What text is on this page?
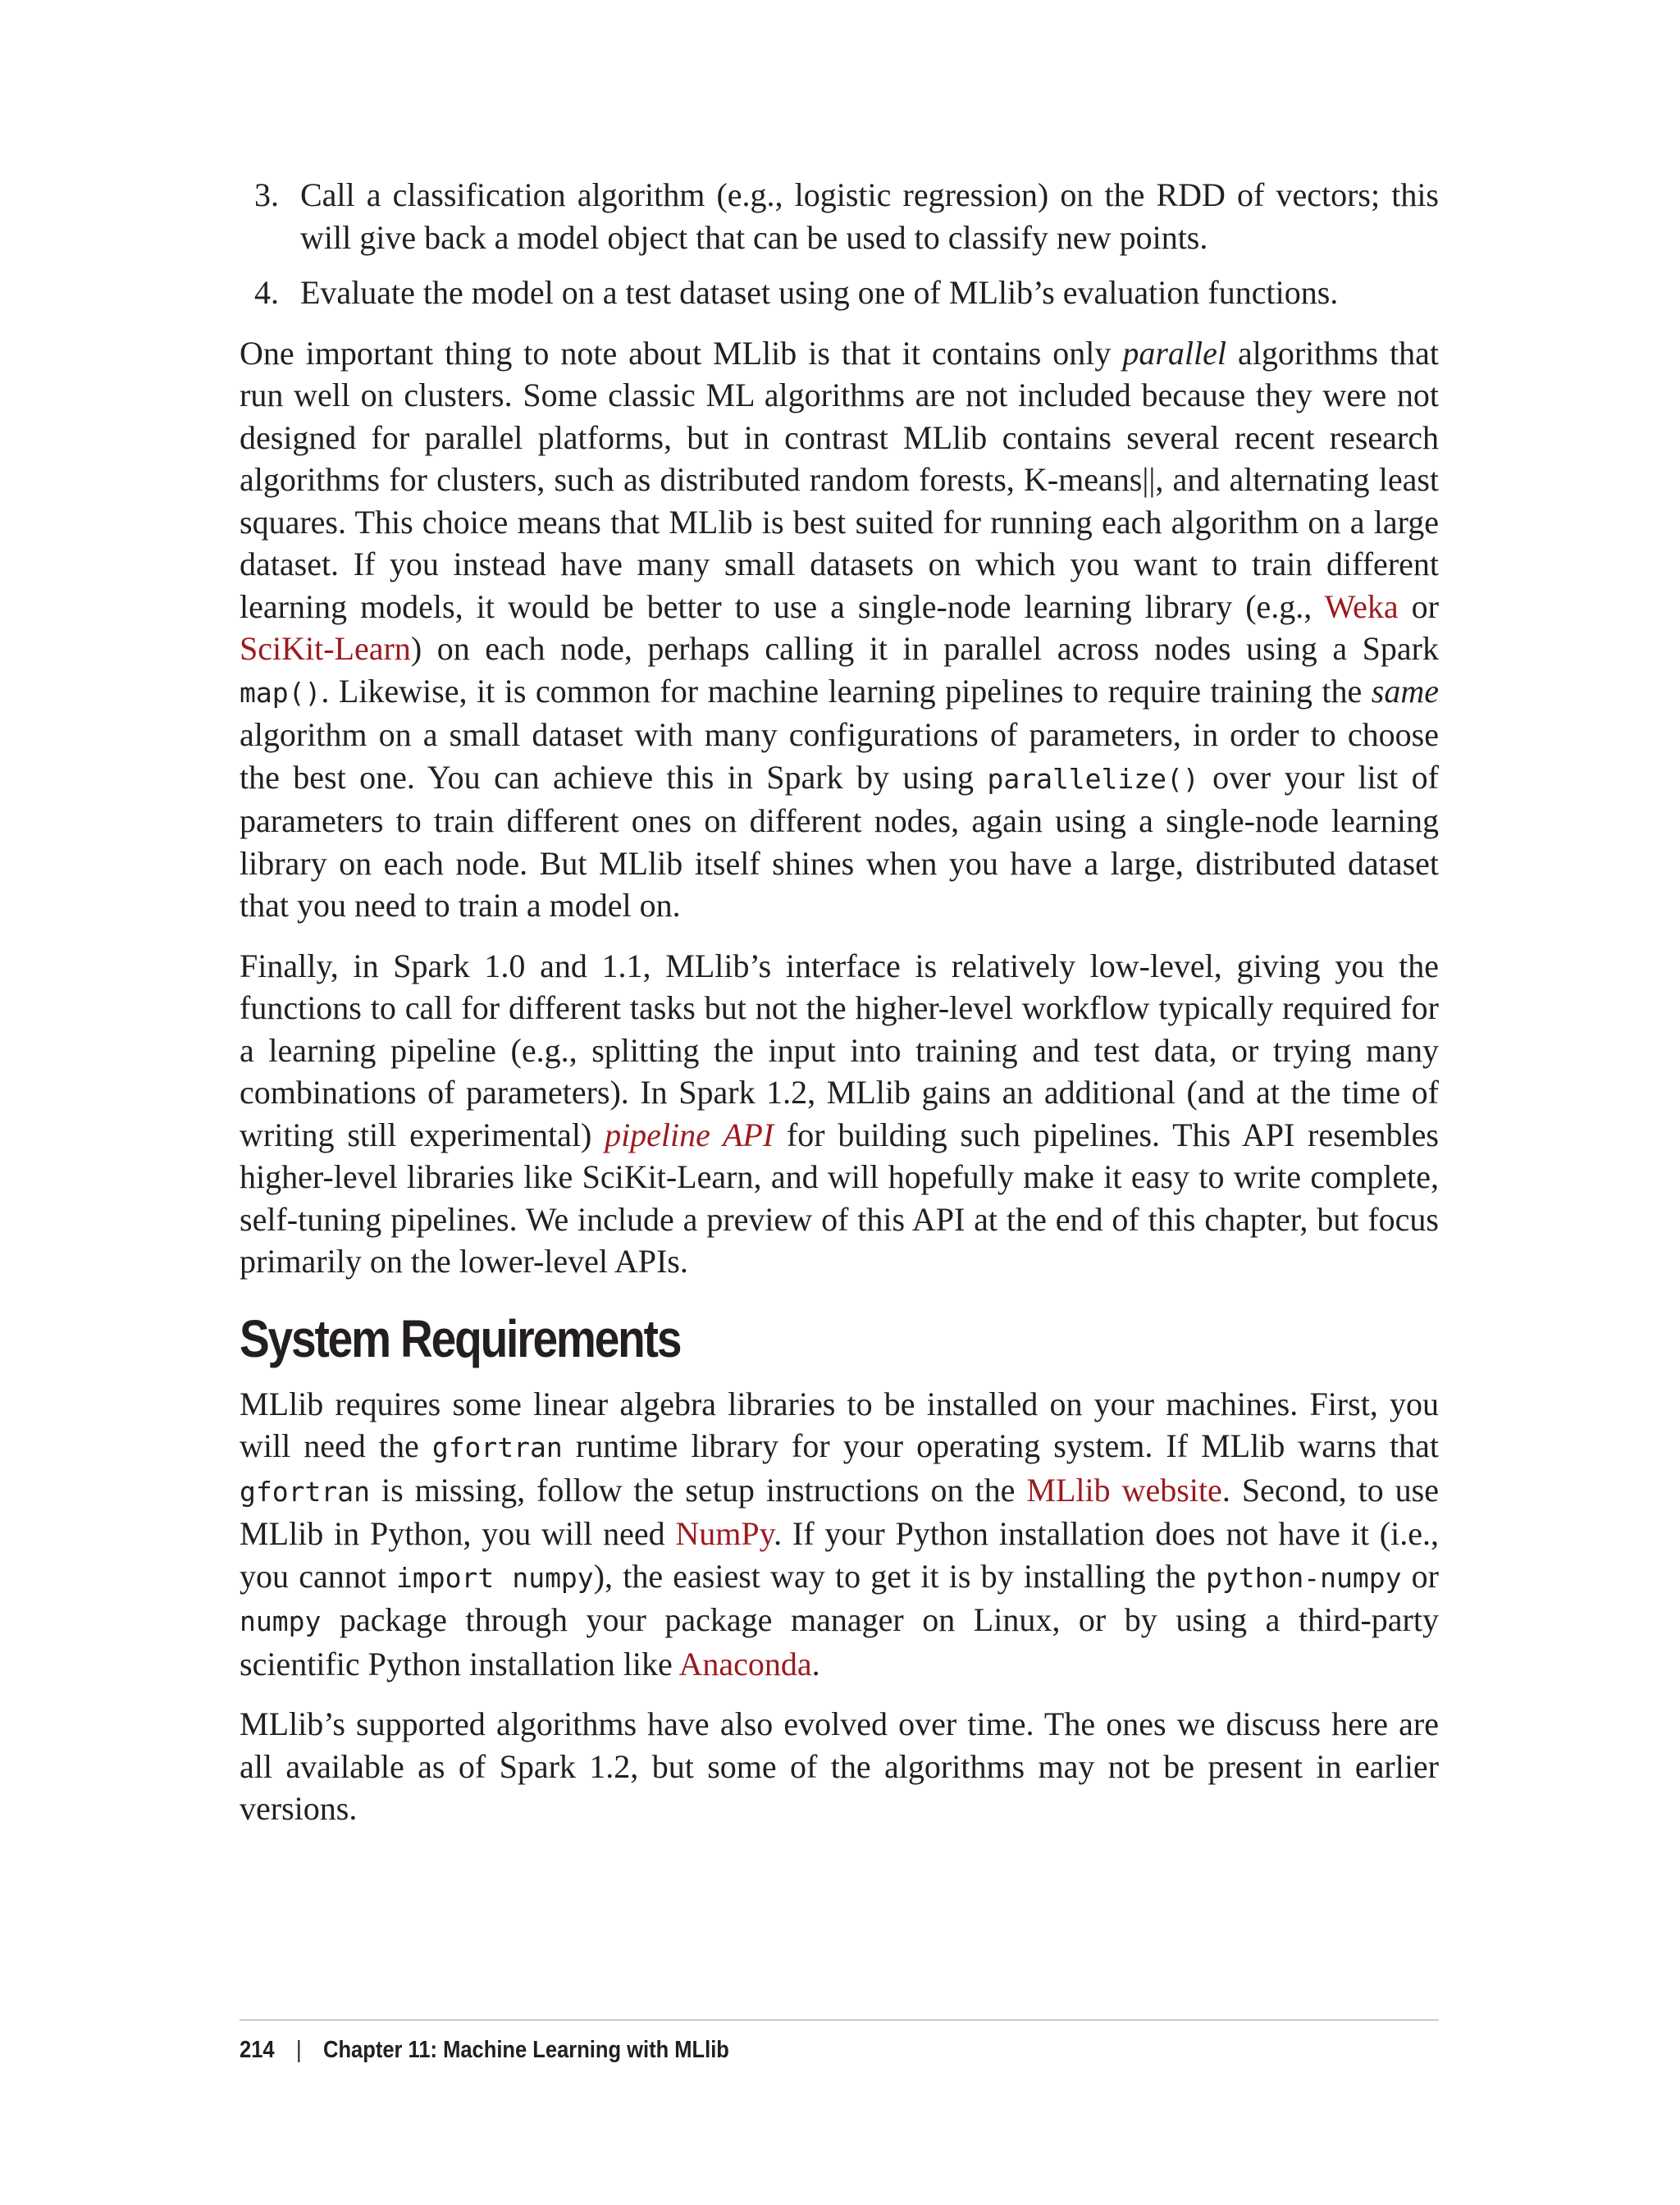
3. Call a classification algorithm (e.g., logistic regression) on the RDD of vectors; this will give back a model object that can be used to classify new points.
4. Evaluate the model on a test dataset using one of MLlib’s evaluation functions.

One important thing to note about MLlib is that it contains only parallel algorithms that run well on clusters. Some classic ML algorithms are not included because they were not designed for parallel platforms, but in contrast MLlib contains several recent research algorithms for clusters, such as distributed random forests, K-means||, and alternating least squares. This choice means that MLlib is best suited for running each algorithm on a large dataset. If you instead have many small datasets on which you want to train different learning models, it would be better to use a single-node learning library (e.g., Weka or SciKit-Learn) on each node, perhaps calling it in parallel across nodes using a Spark map(). Likewise, it is common for machine learning pipelines to require training the same algorithm on a small dataset with many configurations of parameters, in order to choose the best one. You can achieve this in Spark by using parallelize() over your list of parameters to train different ones on different nodes, again using a single-node learning library on each node. But MLlib itself shines when you have a large, distributed dataset that you need to train a model on.

Finally, in Spark 1.0 and 1.1, MLlib’s interface is relatively low-level, giving you the functions to call for different tasks but not the higher-level workflow typically required for a learning pipeline (e.g., splitting the input into training and test data, or trying many combinations of parameters). In Spark 1.2, MLlib gains an additional (and at the time of writing still experimental) pipeline API for building such pipelines. This API resembles higher-level libraries like SciKit-Learn, and will hopefully make it easy to write complete, self-tuning pipelines. We include a preview of this API at the end of this chapter, but focus primarily on the lower-level APIs.

System Requirements

MLlib requires some linear algebra libraries to be installed on your machines. First, you will need the gfortran runtime library for your operating system. If MLlib warns that gfortran is missing, follow the setup instructions on the MLlib website. Second, to use MLlib in Python, you will need NumPy. If your Python installation does not have it (i.e., you cannot import numpy), the easiest way to get it is by installing the python-numpy or numpy package through your package manager on Linux, or by using a third-party scientific Python installation like Anaconda.

MLlib’s supported algorithms have also evolved over time. The ones we discuss here are all available as of Spark 1.2, but some of the algorithms may not be present in earlier versions.

214 | Chapter 11: Machine Learning with MLlib
